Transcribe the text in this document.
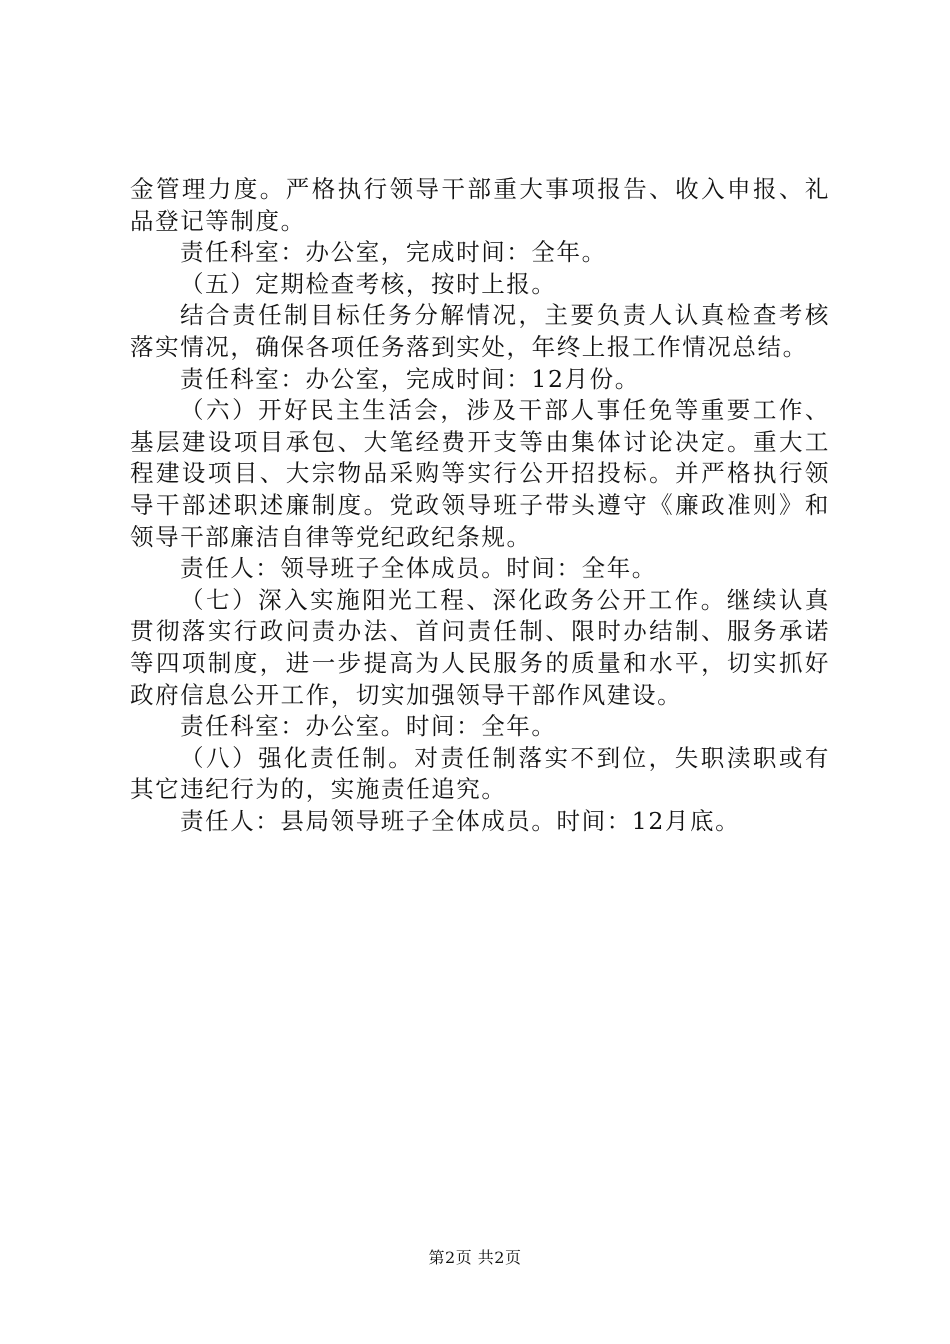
金管理力度。严格执行领导干部重大事项报告、收入申报、礼品登记等制度。

责任科室：办公室，完成时间：全年。

（五）定期检查考核，按时上报。

结合责任制目标任务分解情况，主要负责人认真检查考核落实情况，确保各项任务落到实处，年终上报工作情况总结。

责任科室：办公室，完成时间：12月份。

（六）开好民主生活会，涉及干部人事任免等重要工作、基层建设项目承包、大笔经费开支等由集体讨论决定。重大工程建设项目、大宗物品采购等实行公开招投标。并严格执行领导干部述职述廉制度。党政领导班子带头遵守《廉政准则》和领导干部廉洁自律等党纪政纪条规。

责任人：领导班子全体成员。时间：全年。

（七）深入实施阳光工程、深化政务公开工作。继续认真贯彻落实行政问责办法、首问责任制、限时办结制、服务承诺等四项制度，进一步提高为人民服务的质量和水平，切实抓好政府信息公开工作，切实加强领导干部作风建设。

责任科室：办公室。时间：全年。

（八）强化责任制。对责任制落实不到位，失职渎职或有其它违纪行为的，实施责任追究。

责任人：县局领导班子全体成员。时间：12月底。

第2页 共2页
